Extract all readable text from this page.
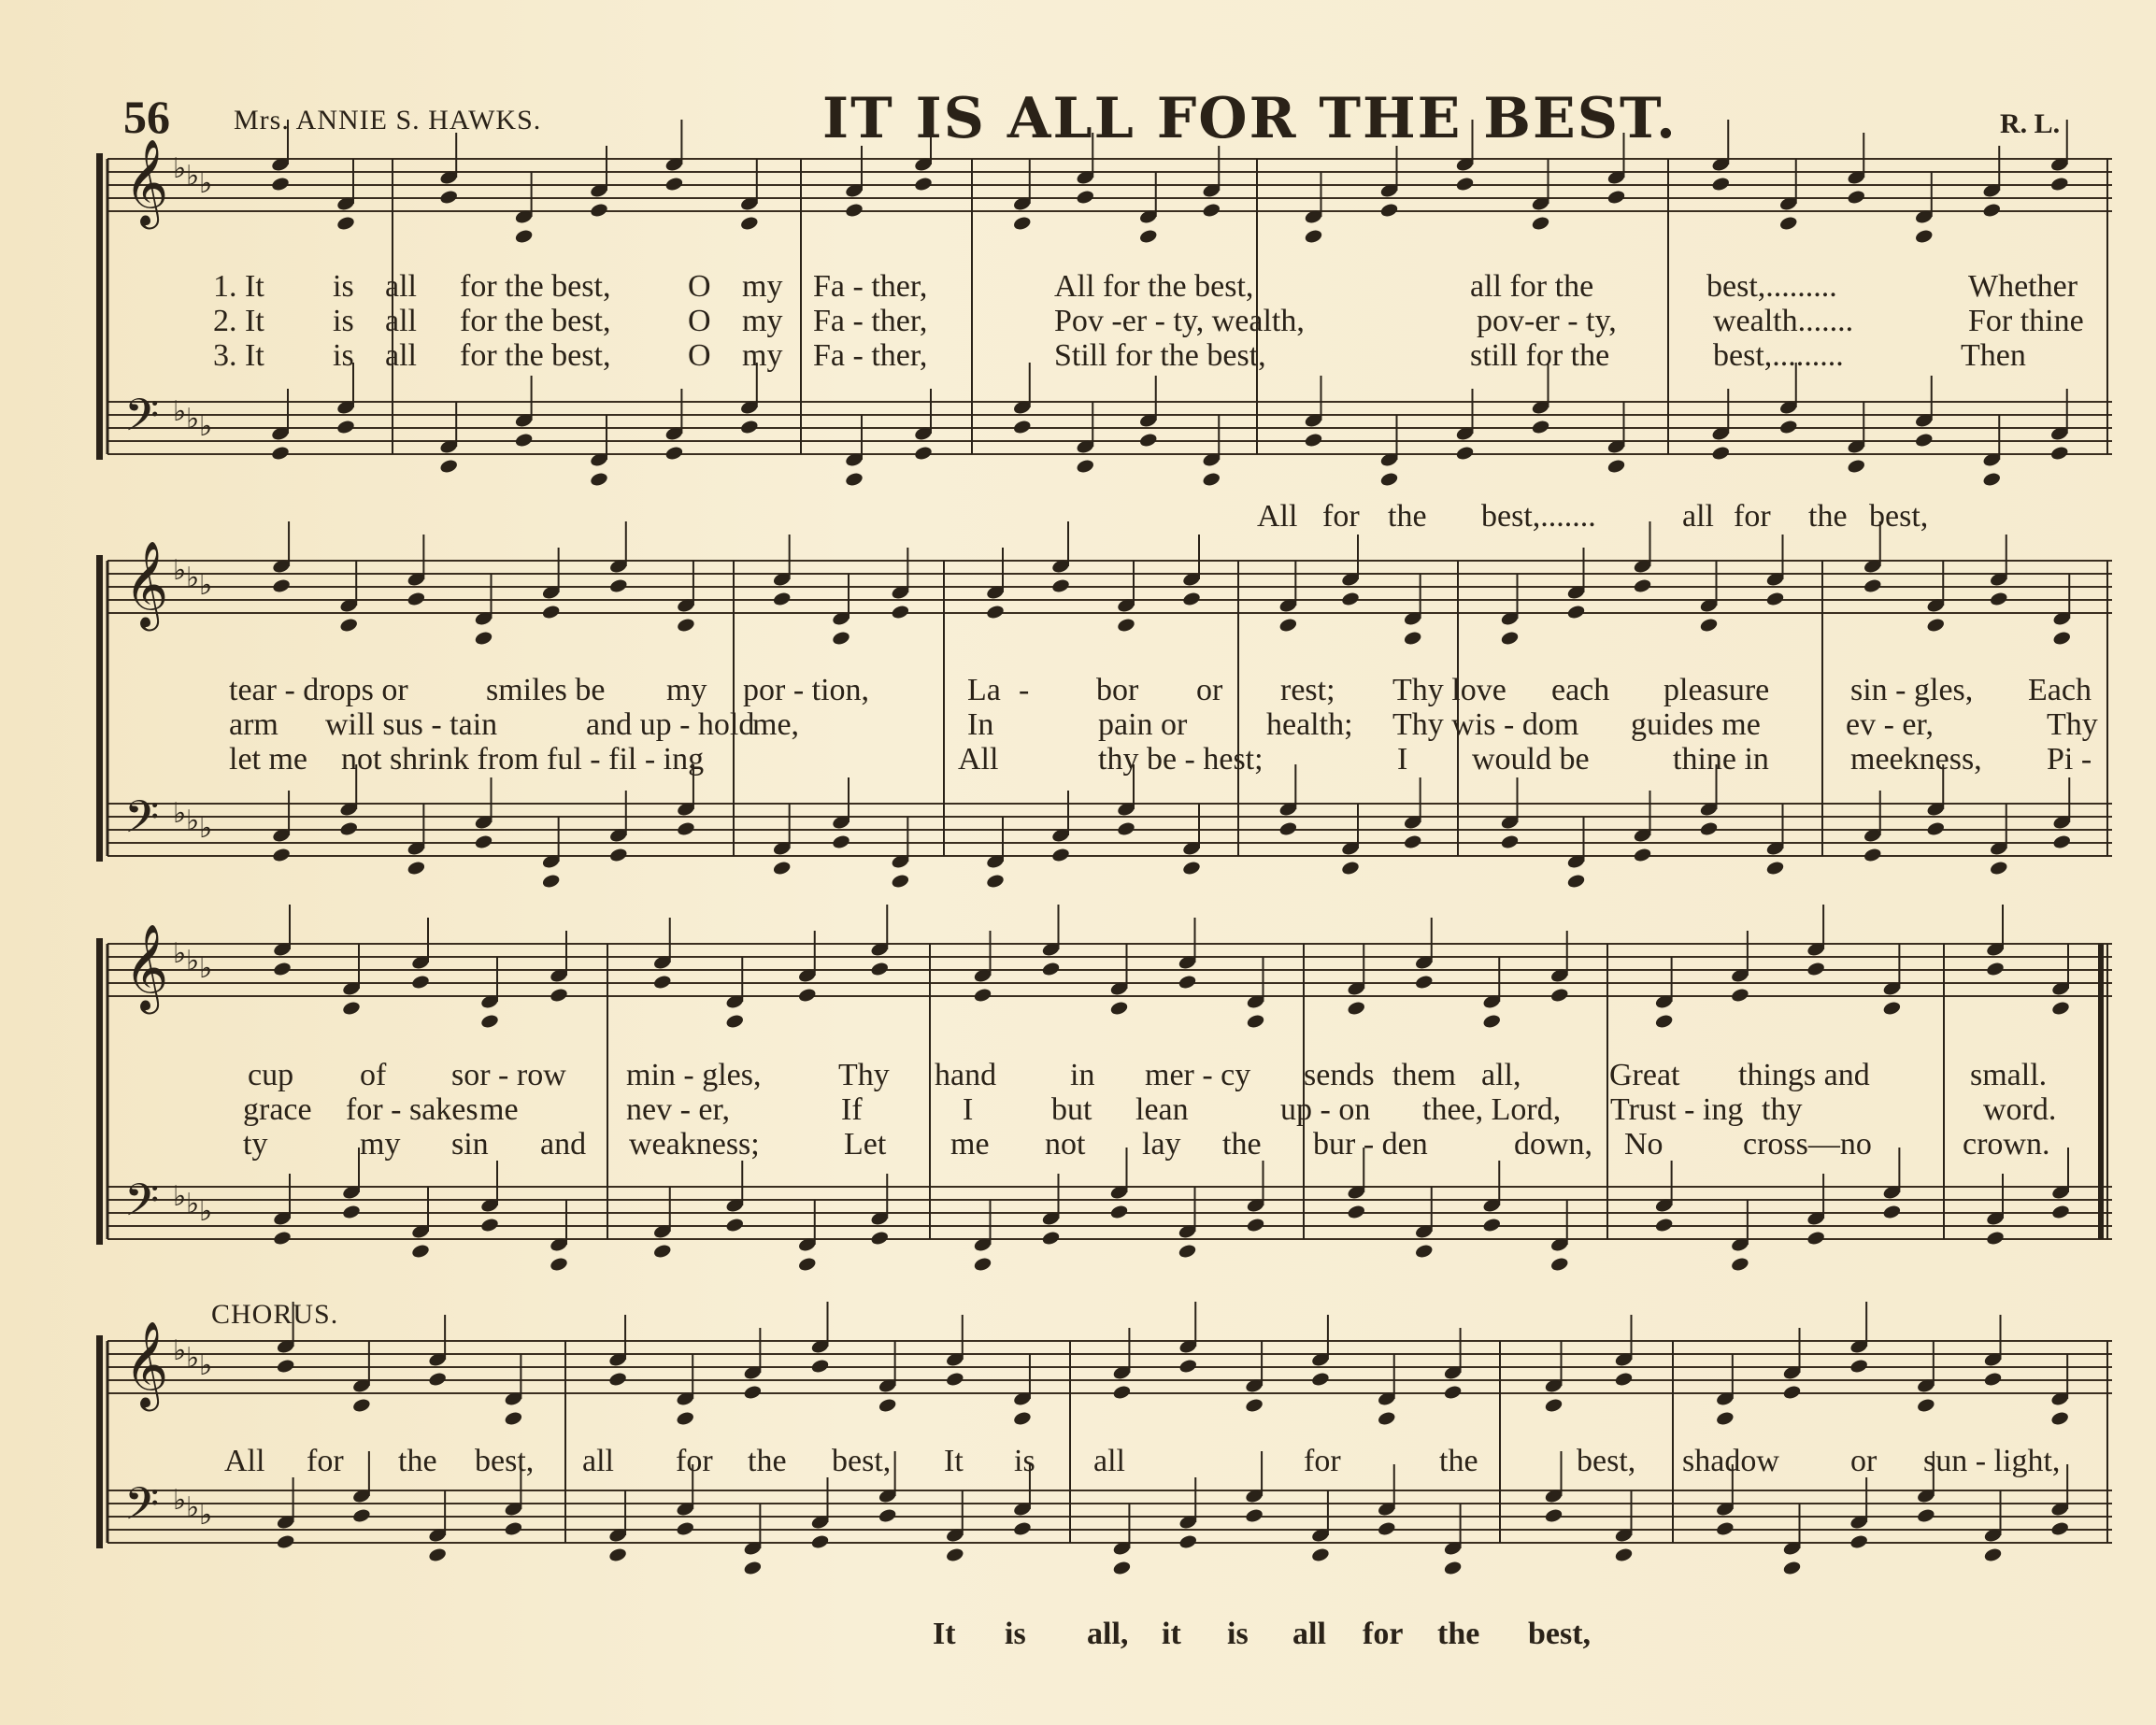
56 Mrs. ANNIE S. HAWKS.	IT IS ALL FOR THE BEST.	R. L.
𝄞 ♭ ♭ ♭
𝄢 ♭ ♭ ♭
𝄞 ♭ ♭ ♭
𝄢 ♭ ♭ ♭
𝄞 ♭ ♭ ♭
𝄢 ♭ ♭ ♭
𝄞 ♭ ♭ ♭
𝄢 ♭ ♭ ♭
1. It is all for the best, O my Fa - ther,	All for the best,	all for the	best,.........	Whether
2. It is all for the best, O my Fa - ther,	Pov -er - ty, wealth,	pov-er - ty,	wealth.......	For thine
3. It is all for the best, O my Fa - ther,	Still for the best,	still for the	best,.........	Then
All for the best,.......	all for the best,
tear - drops or smiles be my por - tion,	La - bor or rest; Thy love each pleasure	sin - gles, Each
arm will sus - tain	and up - hold
me,	In	pain or health; Thy wis - dom guides me	ev - er,	Thy
let me not shrink from ful - fil - ing	All	thy be - hest;	I would be	thine in	meekness, Pi -
cup of sor - row min - gles, Thy hand in mer - cy sends them all,	Great things and	small.
grace for - sakes me	nev - er,	If	I but lean	up - on thee, Lord, Trust - ing thy	word.
ty	my sin and weakness;	Let me not lay the bur - den	down, No	cross—no	crown.
CHORUS.
All for the best, all for the best, It is all	for	the	best, shadow or sun - light,
It is all, it is all for the best,
